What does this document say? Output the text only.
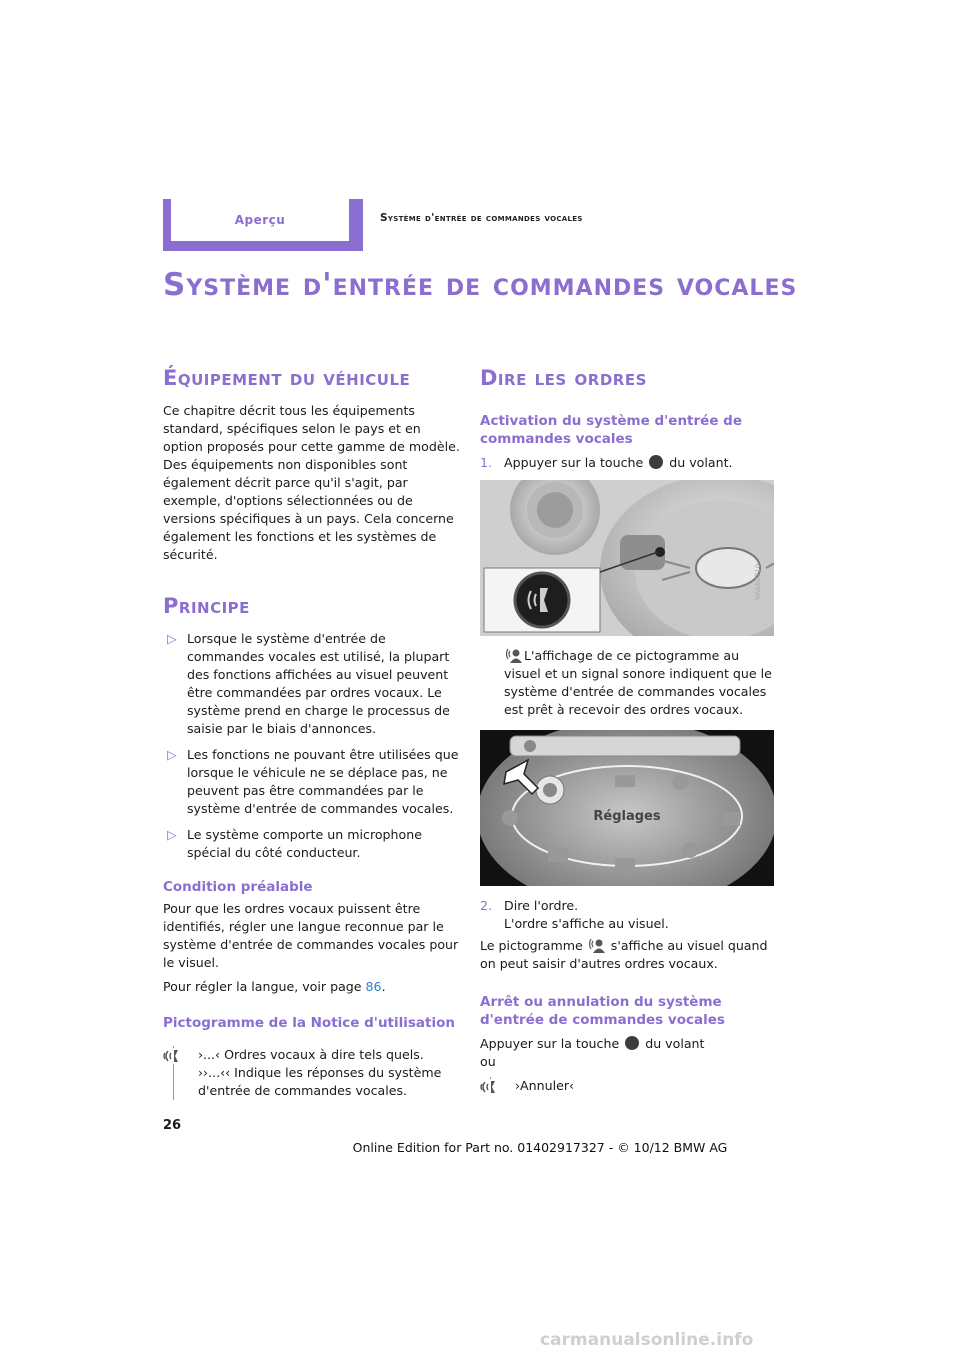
Aperçu	Système d'entrée de commandes vocales
Système d'entrée de commandes vocales
Équipement du véhicule

Ce chapitre décrit tous les équipements standard, spécifiques selon le pays et en option proposés pour cette gamme de modèle. Des équipements non disponibles sont également décrit parce qu'il s'agit, par exemple, d'options sélectionnées ou de versions spécifiques à un pays. Cela concerne également les fonctions et les systèmes de sécurité.

Principe
▷ Lorsque le système d'entrée de commandes vocales est utilisé, la plupart des fonctions affichées au visuel peuvent être commandées par ordres vocaux. Le système prend en charge le processus de saisie par le biais d'annonces.
▷ Les fonctions ne pouvant être utilisées que lorsque le véhicule ne se déplace pas, ne peuvent pas être commandées par le système d'entrée de commandes vocales.
▷ Le système comporte un microphone spécial du côté conducteur.
Condition préalable

Pour que les ordres vocaux puissent être identifiés, régler une langue reconnue par le système d'entrée de commandes vocales pour le visuel.

Pour régler la langue, voir page 86.

Pictogramme de la Notice d'utilisation
›...‹ Ordres vocaux à dire tels quels.
››...‹‹ Indique les réponses du système d'entrée de commandes vocales.
Dire les ordres
Activation du système d'entrée de commandes vocales

1. Appuyer sur la touche  du volant.

VA0A0210

L'affichage de ce pictogramme au visuel et un signal sonore indiquent que le système d'entrée de commandes vocales est prêt à recevoir des ordres vocaux.

Réglages

2. Dire l'ordre.

L'ordre s'affiche au visuel.

Le pictogramme  s'affiche au visuel quand on peut saisir d'autres ordres vocaux.

Arrêt ou annulation du système d'entrée de commandes vocales

Appuyer sur la touche  du volant

ou

›Annuler‹
26
Online Edition for Part no. 01402917327 - © 10/12 BMW AG
carmanualsonline.info
